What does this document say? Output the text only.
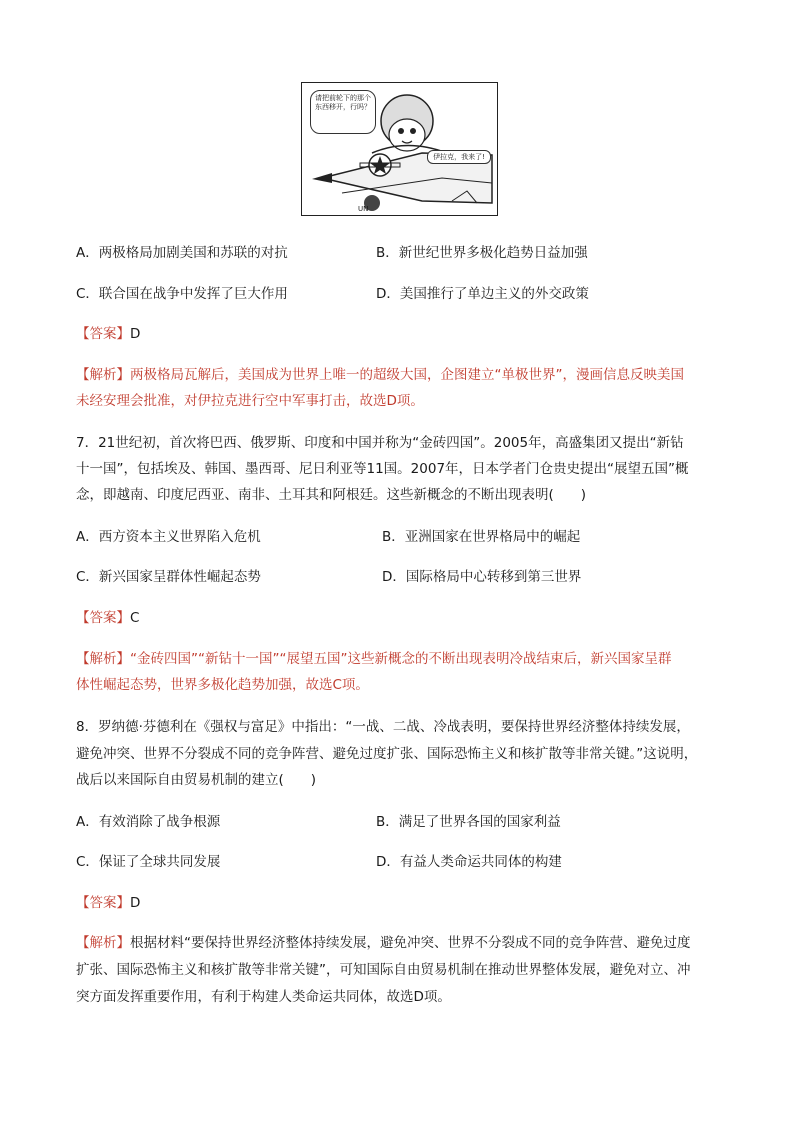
请把前轮下的那个东西移开，行吗？
伊拉克，我来了!
UN
A．两极格局加剧美国和苏联的对抗	B．新世纪世界多极化趋势日益加强
C．联合国在战争中发挥了巨大作用	D．美国推行了单边主义的外交政策
【答案】D
【解析】两极格局瓦解后，美国成为世界上唯一的超级大国，企图建立“单极世界”，漫画信息反映美国
未经安理会批准，对伊拉克进行空中军事打击，故选D项。
7．21世纪初，首次将巴西、俄罗斯、印度和中国并称为“金砖四国”。2005年，高盛集团又提出“新钻
十一国”，包括埃及、韩国、墨西哥、尼日利亚等11国。2007年，日本学者门仓贵史提出“展望五国”概
念，即越南、印度尼西亚、南非、土耳其和阿根廷。这些新概念的不断出现表明(　　)
A．西方资本主义世界陷入危机	B．亚洲国家在世界格局中的崛起
C．新兴国家呈群体性崛起态势	D．国际格局中心转移到第三世界
【答案】C
【解析】“金砖四国”“新钻十一国”“展望五国”这些新概念的不断出现表明冷战结束后，新兴国家呈群
体性崛起态势，世界多极化趋势加强，故选C项。
8．罗纳德·芬德利在《强权与富足》中指出：“一战、二战、冷战表明，要保持世界经济整体持续发展，
避免冲突、世界不分裂成不同的竞争阵营、避免过度扩张、国际恐怖主义和核扩散等非常关键。”这说明，
战后以来国际自由贸易机制的建立(　　)
A．有效消除了战争根源	B．满足了世界各国的国家利益
C．保证了全球共同发展	D．有益人类命运共同体的构建
【答案】D
【解析】根据材料“要保持世界经济整体持续发展，避免冲突、世界不分裂成不同的竞争阵营、避免过度
扩张、国际恐怖主义和核扩散等非常关键”，可知国际自由贸易机制在推动世界整体发展，避免对立、冲
突方面发挥重要作用，有利于构建人类命运共同体，故选D项。
